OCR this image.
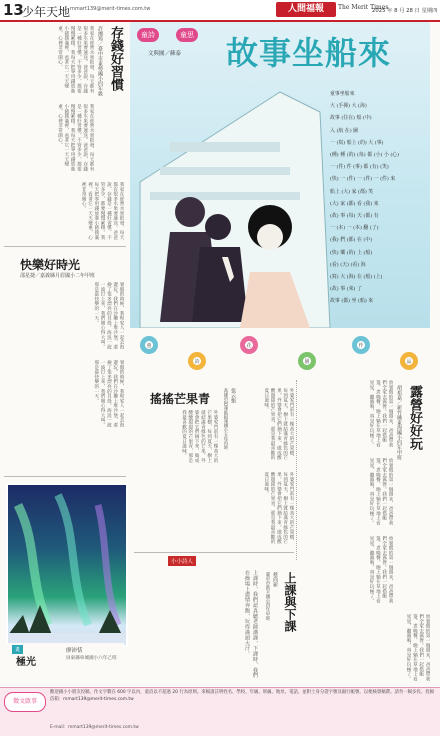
13
少年天地 mmart139@merit-times.com.tw	人間福報	The Merit Times
2025 年 8 月 28 日 星期四
存錢好習慣
許湘筠／臺中市東勢國小四年級
我家在經營水果批發，每天都有很多水果要運送。爸爸說，存錢是一種好習慣，不管多少，都要慢慢累積。我每天把零用錢放進小豬撲滿裡，看著它一天天變重，心裡非常開心。
我家在經營水果批發，每天都有很多水果要運送。爸爸說，存錢是一種好習慣，不管多少，都要慢慢累積。我每天把零用錢放進小豬撲滿裡，看著它一天天變重，心裡非常開心。
我家在經營水果批發，每天都有很多水果要運送。爸爸說，存錢是一種好習慣，不管多少，都要慢慢累積。我每天把零用錢放進小豬撲滿裡，看著它一天天變重，心裡非常開心。
快樂好時光
邵星捷／嘉義縣月眉國小二年甲班
暑假的時候，我和家人一起去海邊玩。我們在沙灘上堆沙堡，還撿了很多漂亮的貝殼。海浪一波一波打上來，我們開心得大叫。那是最快樂的一天。
暑假的時候，我和家人一起去海邊玩。我們在沙灘上堆沙堡，還撿了很多漂亮的貝殼。海浪一波一波打上來，我們開心得大叫。那是最快樂的一天。
畫
極光
廖沛恬
屏東縣車城國小六年乙班
童詩	童思 故事坐船來
文與圖／蘇泰
童事坐船來
大 (手揮) 大 (海)
故事 (住在) 船 (中)
入 (航 在) 圖
一 (寫) 船上 (的) 大 (事)
(種) 種 (的) (每) 都 (小) 小 (心)
一 (件) 件 (事) 都 (有) (笑)
(快) 一 (件) 一 (件) 一 (件) 來
船上 (大) 家 (都) 笑
(大) 家 (都) 看 (我) 來
(故) 事 (每) 天 (都) 有
一 (本) 一 (本) 翻 (了)
(我) 們 (都) 在 (中)
(快) 樂 (的) 上 (船)
(看) (天) (看) 海
(寫) 大 (海) 在 (船) (上)
(故) 事 (來) 了
故事 (都) 坐 (船) 來
童
詩
花
園
作
品
露營好好玩
胡祖嘉／新竹縣東海國小四年甲班
放暑假的第一個週末，爸爸帶我們全家去露營。我們一起搭帳篷、煮晚餐，晚上躺在草地上看星星，聽蟲鳴，真是好玩極了。
放暑假的第一個週末，爸爸帶我們全家去露營。我們一起搭帳篷、煮晚餐，晚上躺在草地上看星星，聽蟲鳴，真是好玩極了。
放暑假的第一個週末，爸爸帶我們全家去露營。我們一起搭帳篷、煮晚餐，晚上躺在草地上看星星，聽蟲鳴，真是好玩極了。
放暑假的第一個週末，爸爸帶我們全家去露營。我們一起搭帳篷、煮晚餐，晚上躺在草地上看星星，聽蟲鳴，真是好玩極了。
搖搖芒果青	張云甄
高雄市阿蓮區阿蓮國小五年丙班	外婆家門前有一棵高大的芒果樹，每到夏天，樹上就結滿青綠色的芒果。外婆會把它們摘下來，做成酸酸甜甜的芒果青，那是我最喜歡的夏日滋味。
外婆家門前有一棵高大的芒果樹，每到夏天，樹上就結滿青綠色的芒果。外婆會把它們摘下來，做成酸酸甜甜的芒果青，那是我最喜歡的夏日滋味。
外婆家門前有一棵高大的芒果樹，每到夏天，樹上就結滿青綠色的芒果。外婆會把它們摘下來，做成酸酸甜甜的芒果青，那是我最喜歡的夏日滋味。
小小詩人
上課與下課
蔡尚新
臺中市新平國小四年甲班
上課時，我們認真聽老師講課，下課時，我們在操場上盡情奔跑，玩得滿頭大汗。
徵文啟事
歡迎國小小朋友投稿，作文字數在 600 字以內，童詩以不超過 20 行為原則。來稿請註明姓名、學校、年級、班級、地址、電話，並附上身分證字號及銀行帳號，以便核發稿費。請勿一稿多投。投稿信箱：mmart139@merit-times.com.tw
E-mail：mmart139@merit-times.com.tw
